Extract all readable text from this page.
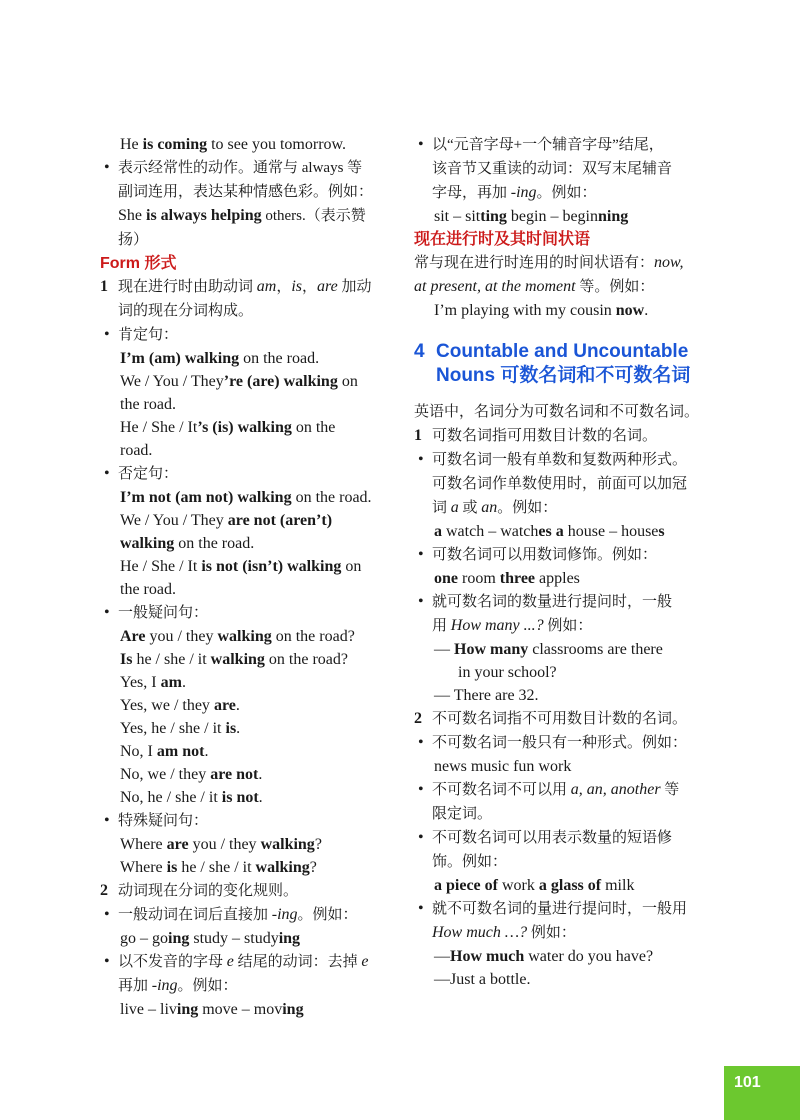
He is coming to see you tomorrow.
• 表示经常性的动作。通常与 always 等
副词连用，表达某种情感色彩。例如：
She is always helping others.（表示赞
扬）
Form 形式
1 现在进行时由助动词 am，is，are 加动
词的现在分词构成。
• 肯定句：
I’m (am) walking on the road.
We / You / They’re (are) walking on
the road.
He / She / It’s (is) walking on the
road.
• 否定句：
I’m not (am not) walking on the road.
We / You / They are not (aren’t)
walking on the road.
He / She / It is not (isn’t) walking on
the road.
• 一般疑问句：
Are you / they walking on the road?
Is he / she / it walking on the road?
Yes, I am.
Yes, we / they are.
Yes, he / she / it is.
No, I am not.
No, we / they are not.
No, he / she / it is not.
• 特殊疑问句：
Where are you / they walking?
Where is he / she / it walking?
2 动词现在分词的变化规则。
• 一般动词在词后直接加 -ing。例如：
go – going study – studying
• 以不发音的字母 e 结尾的动词：去掉 e
再加 -ing。例如：
live – living move – moving
• 以“元音字母+一个辅音字母”结尾，
该音节又重读的动词：双写末尾辅音
字母，再加 -ing。例如：
sit – sitting begin – beginning
现在进行时及其时间状语
常与现在进行时连用的时间状语有：now,
at present, at the moment 等。例如：
I’m playing with my cousin now.
4 Countable and Uncountable
Nouns 可数名词和不可数名词
英语中，名词分为可数名词和不可数名词。
1 可数名词指可用数目计数的名词。
• 可数名词一般有单数和复数两种形式。
可数名词作单数使用时，前面可以加冠
词 a 或 an。例如：
a watch – watches a house – houses
• 可数名词可以用数词修饰。例如：
one room three apples
• 就可数名词的数量进行提问时，一般
用 How many ...? 例如：
— How many classrooms are there
in your school?
— There are 32.
2 不可数名词指不可用数目计数的名词。
• 不可数名词一般只有一种形式。例如：
news music fun work
• 不可数名词不可以用 a, an, another 等
限定词。
• 不可数名词可以用表示数量的短语修
饰。例如：
a piece of work a glass of milk
• 就不可数名词的量进行提问时，一般用
How much …? 例如：
—How much water do you have?
—Just a bottle.
101
